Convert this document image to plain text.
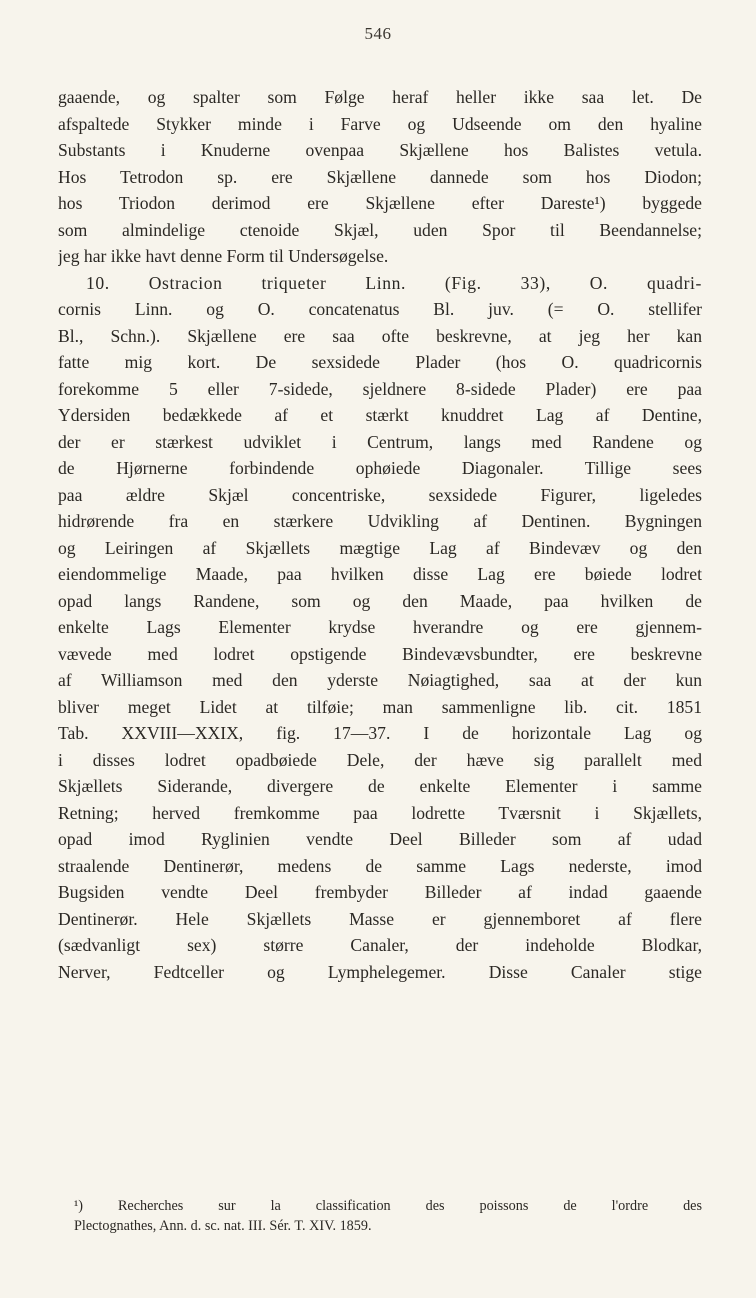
546
gaaende, og spalter som Følge heraf heller ikke saa let. De
afspaltede Stykker minde i Farve og Udseende om den hyaline
Substants i Knuderne ovenpaa Skjællene hos Balistes vetula.
Hos Tetrodon sp. ere Skjællene dannede som hos Diodon;
hos Triodon derimod ere Skjællene efter Dareste¹) byggede
som almindelige ctenoide Skjæl, uden Spor til Beendannelse;
jeg har ikke havt denne Form til Undersøgelse.
10. Ostracion triqueter Linn. (Fig. 33), O. quadri-
cornis Linn. og O. concatenatus Bl. juv. (= O. stellifer
Bl., Schn.). Skjællene ere saa ofte beskrevne, at jeg her kan
fatte mig kort. De sexsidede Plader (hos O. quadricornis
forekomme 5 eller 7-sidede, sjeldnere 8-sidede Plader) ere paa
Ydersiden bedækkede af et stærkt knuddret Lag af Dentine,
der er stærkest udviklet i Centrum, langs med Randene og
de Hjørnerne forbindende ophøiede Diagonaler. Tillige sees
paa ældre Skjæl concentriske, sexsidede Figurer, ligeledes
hidrørende fra en stærkere Udvikling af Dentinen. Bygningen
og Leiringen af Skjællets mægtige Lag af Bindevæv og den
eiendommelige Maade, paa hvilken disse Lag ere bøiede lodret
opad langs Randene, som og den Maade, paa hvilken de
enkelte Lags Elementer krydse hverandre og ere gjennem-
vævede med lodret opstigende Bindevævsbundter, ere beskrevne
af Williamson med den yderste Nøiagtighed, saa at der kun
bliver meget Lidet at tilføie; man sammenligne lib. cit. 1851
Tab. XXVIII—XXIX, fig. 17—37. I de horizontale Lag og
i disses lodret opadbøiede Dele, der hæve sig parallelt med
Skjællets Siderande, divergere de enkelte Elementer i samme
Retning; herved fremkomme paa lodrette Tværsnit i Skjællets,
opad imod Ryglinien vendte Deel Billeder som af udad
straalende Dentinerør, medens de samme Lags nederste, imod
Bugsiden vendte Deel frembyder Billeder af indad gaaende
Dentinerør. Hele Skjællets Masse er gjennemboret af flere
(sædvanligt sex) større Canaler, der indeholde Blodkar,
Nerver, Fedtceller og Lymphelegemer. Disse Canaler stige
¹) Recherches sur la classification des poissons de l'ordre des
Plectognathes, Ann. d. sc. nat. III. Sér. T. XIV. 1859.
